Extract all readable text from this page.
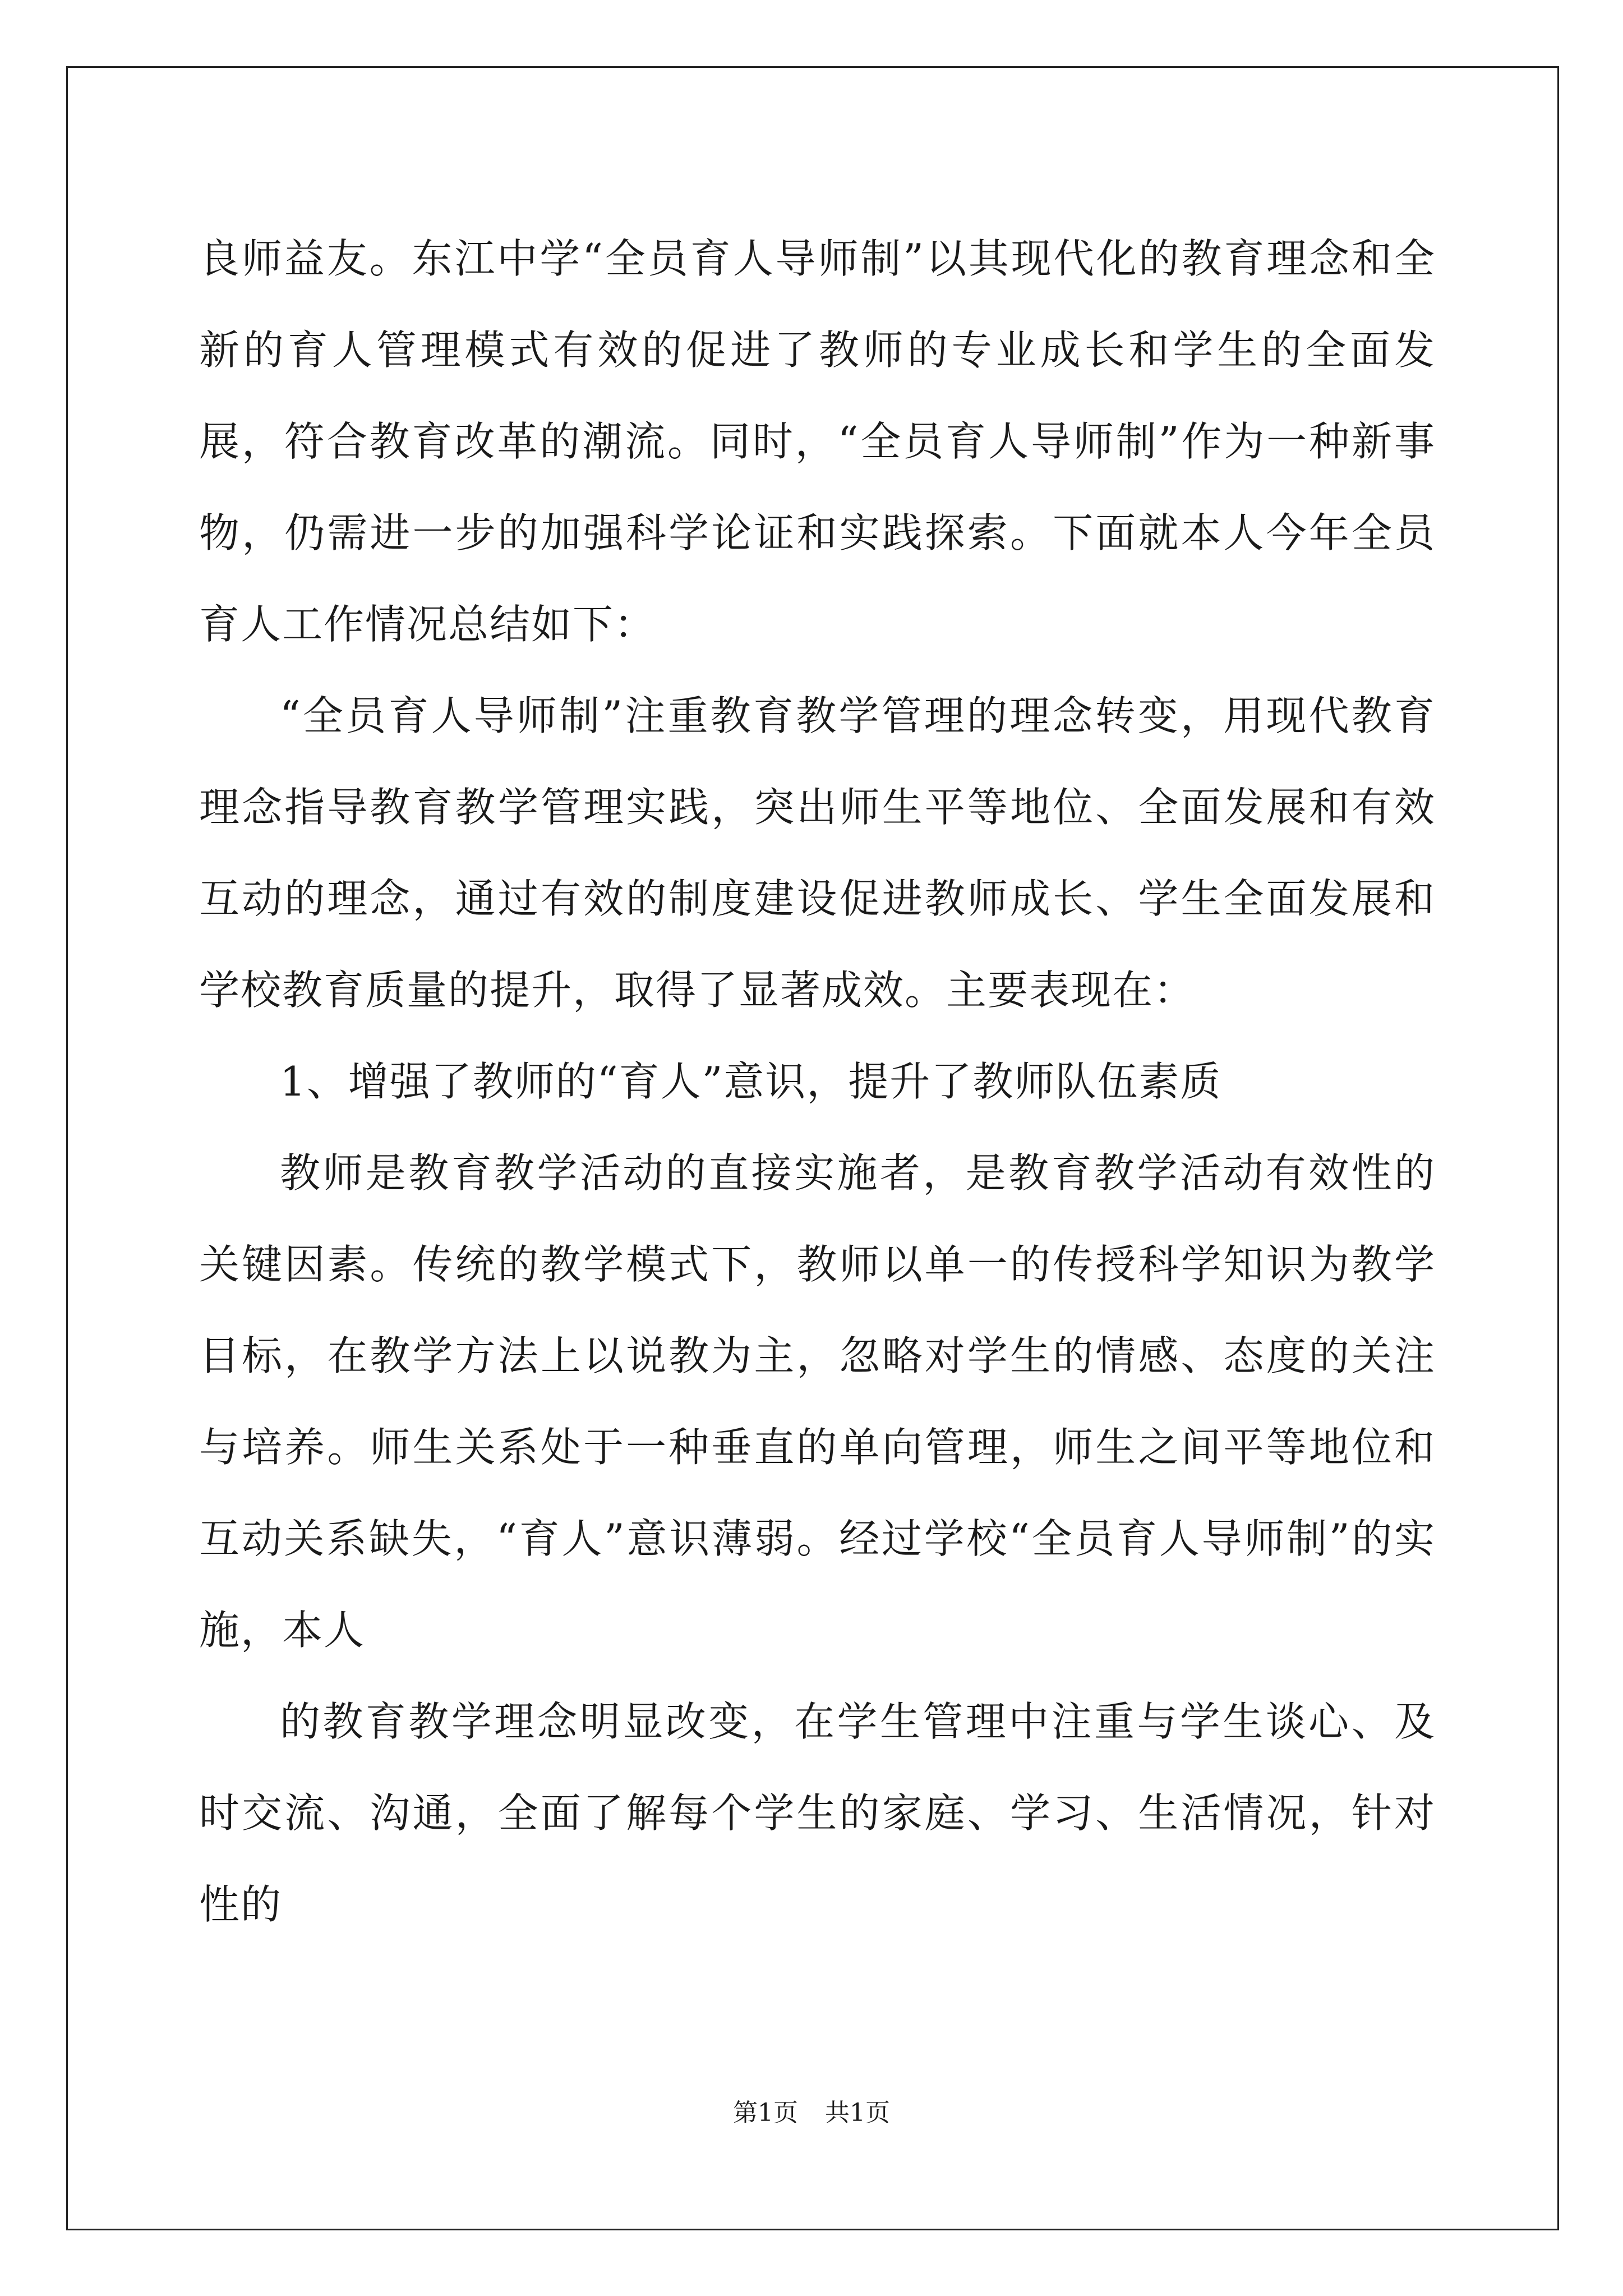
良师益友。东江中学“全员育人导师制”以其现代化的教育理念和全新的育人管理模式有效的促进了教师的专业成长和学生的全面发展，符合教育改革的潮流。同时，“全员育人导师制”作为一种新事物，仍需进一步的加强科学论证和实践探索。下面就本人今年全员育人工作情况总结如下：

“全员育人导师制”注重教育教学管理的理念转变，用现代教育理念指导教育教学管理实践，突出师生平等地位、全面发展和有效互动的理念，通过有效的制度建设促进教师成长、学生全面发展和学校教育质量的提升，取得了显著成效。主要表现在：

1、增强了教师的“育人”意识，提升了教师队伍素质

教师是教育教学活动的直接实施者，是教育教学活动有效性的关键因素。传统的教学模式下，教师以单一的传授科学知识为教学目标，在教学方法上以说教为主，忽略对学生的情感、态度的关注与培养。师生关系处于一种垂直的单向管理，师生之间平等地位和互动关系缺失，“育人”意识薄弱。经过学校“全员育人导师制”的实施，本人

的教育教学理念明显改变，在学生管理中注重与学生谈心、及时交流、沟通，全面了解每个学生的家庭、学习、生活情况，针对性的

第1页 共1页
